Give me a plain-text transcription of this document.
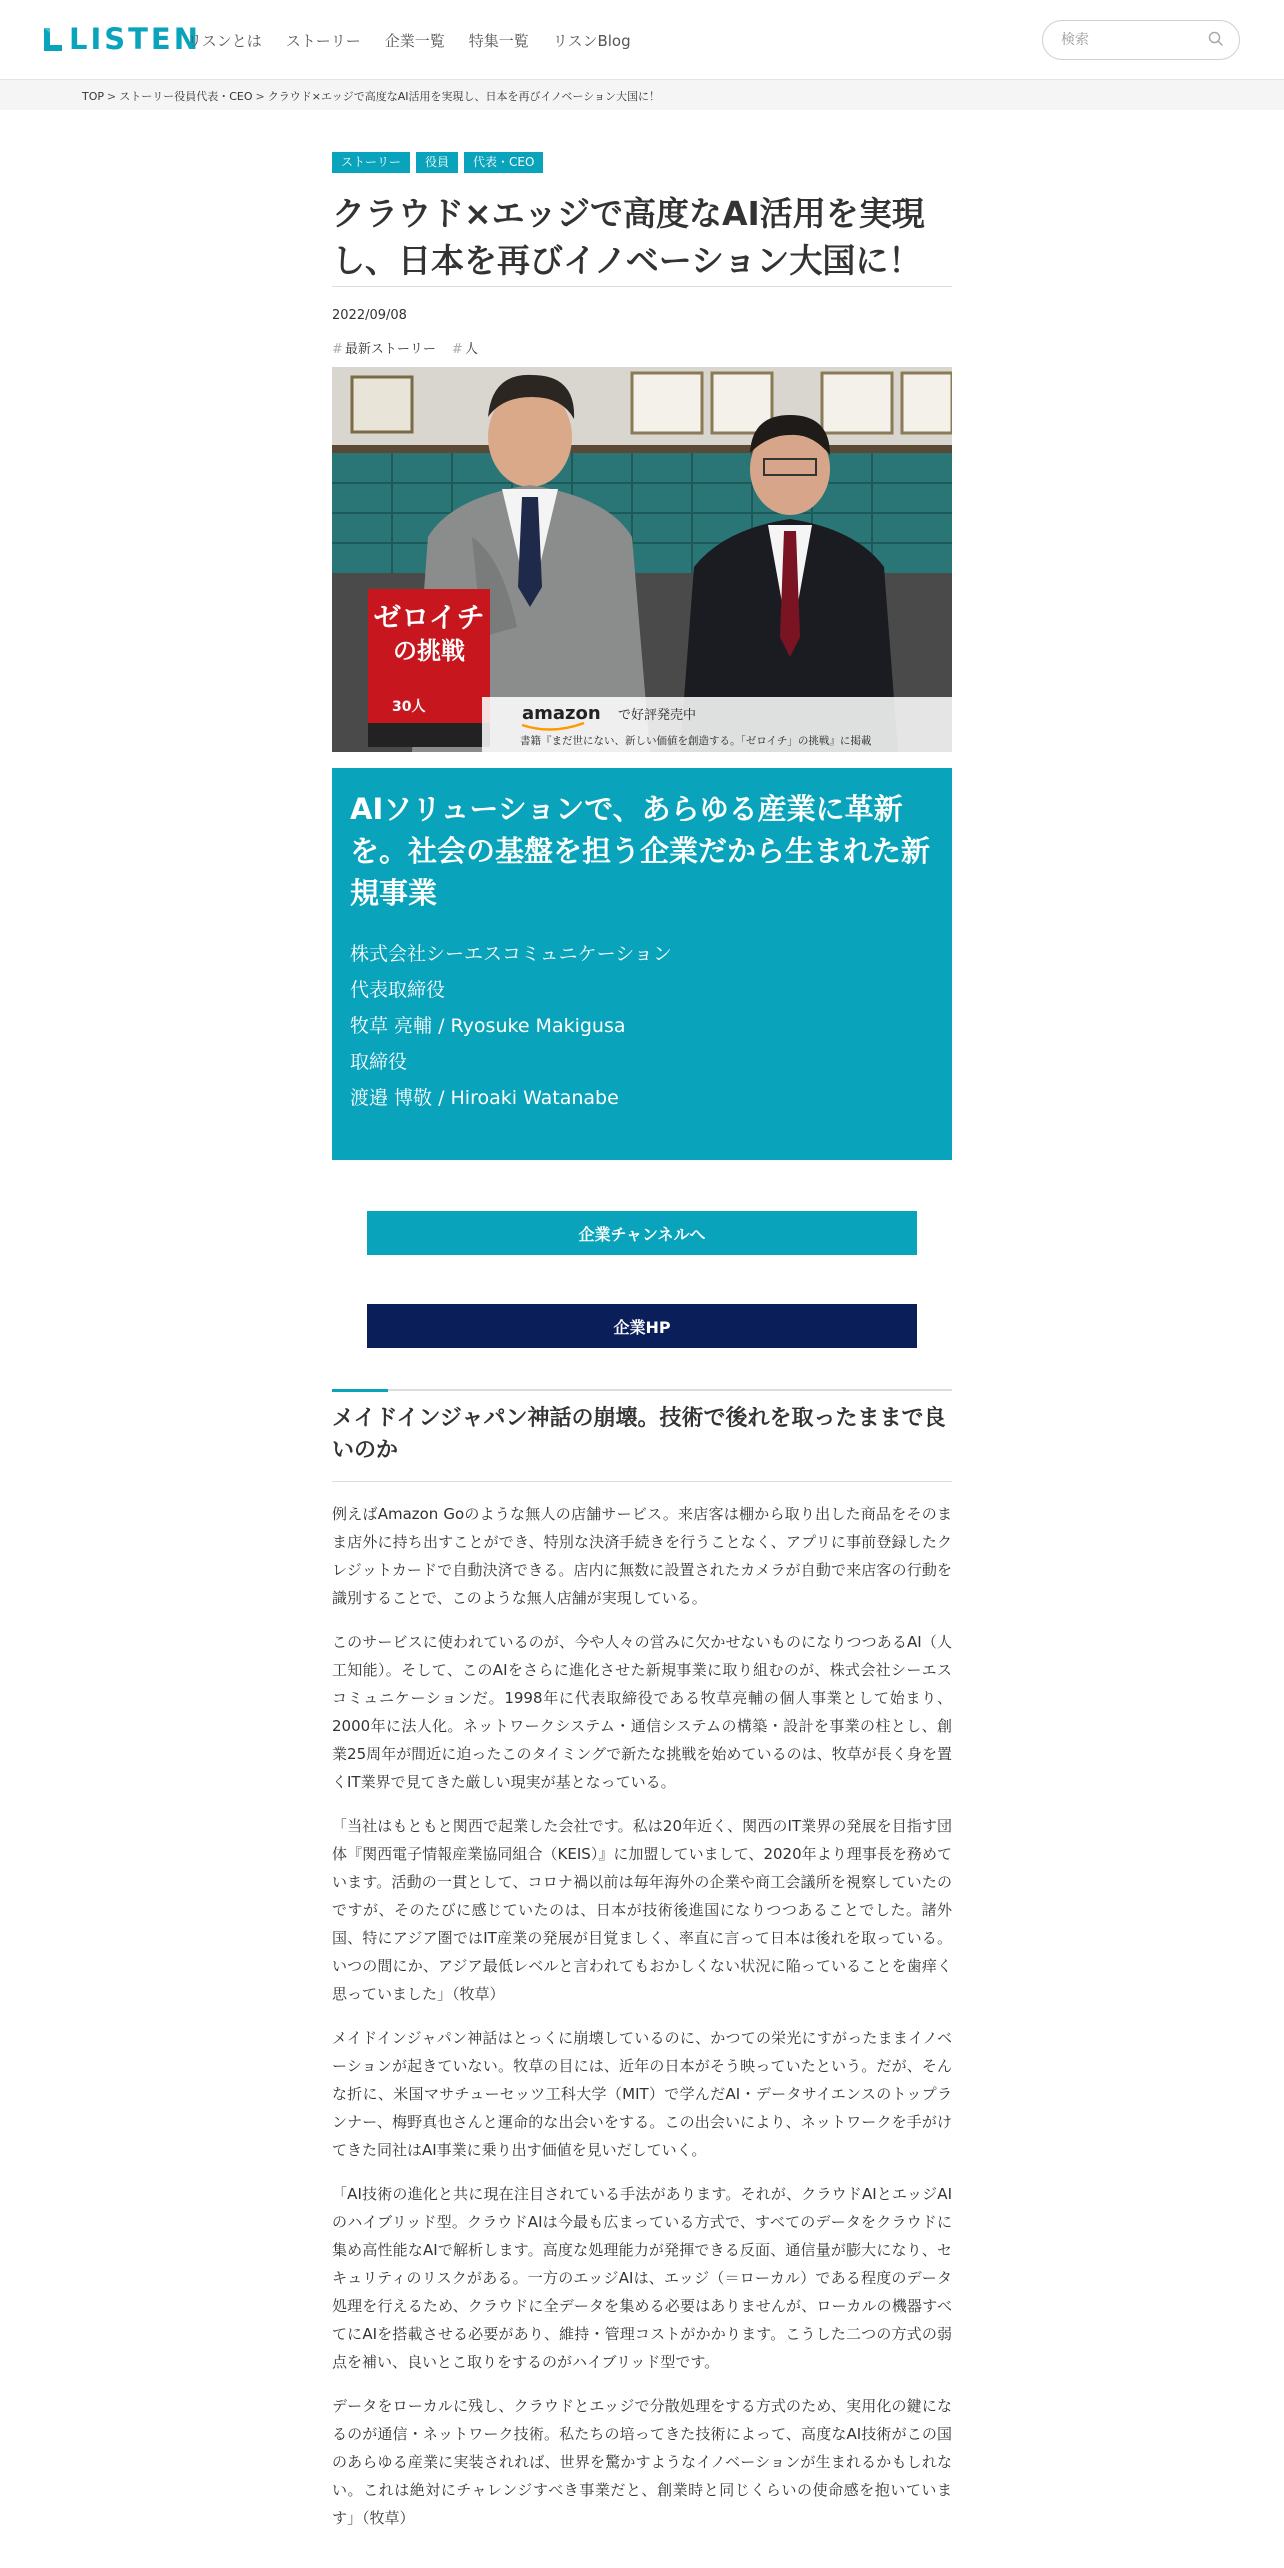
LISTEN
リスンとは ストーリー 企業一覧 特集一覧 リスンBlog
検索
TOP > ストーリー役員代表・CEO > クラウド×エッジで高度なAI活用を実現し、日本を再びイノベーション大国に！
ストーリー	役員	代表・CEO
クラウド×エッジで高度なAI活用を実現し、日本を再びイノベーション大国に！
2022/09/08
# 最新ストーリー # 人
ゼロイチ
の挑戦
30人	amazon で好評発売中
書籍『まだ世にない、新しい価値を創造する。「ゼロイチ」の挑戦』に掲載
AIソリューションで、あらゆる産業に革新を。社会の基盤を担う企業だから生まれた新規事業
株式会社シーエスコミュニケーション
代表取締役
牧草 亮輔 / Ryosuke Makigusa
取締役
渡邉 博敬 / Hiroaki Watanabe
企業チャンネルへ
企業HP
メイドインジャパン神話の崩壊。技術で後れを取ったままで良いのか

例えばAmazon Goのような無人の店舗サービス。来店客は棚から取り出した商品をそのまま店外に持ち出すことができ、特別な決済手続きを行うことなく、アプリに事前登録したクレジットカードで自動決済できる。店内に無数に設置されたカメラが自動で来店客の行動を識別することで、このような無人店舗が実現している。

このサービスに使われているのが、今や人々の営みに欠かせないものになりつつあるAI（人工知能）。そして、このAIをさらに進化させた新規事業に取り組むのが、株式会社シーエスコミュニケーションだ。1998年に代表取締役である牧草亮輔の個人事業として始まり、2000年に法人化。ネットワークシステム・通信システムの構築・設計を事業の柱とし、創業25周年が間近に迫ったこのタイミングで新たな挑戦を始めているのは、牧草が長く身を置くIT業界で見てきた厳しい現実が基となっている。

「当社はもともと関西で起業した会社です。私は20年近く、関西のIT業界の発展を目指す団体『関西電子情報産業協同組合（KEIS）』に加盟していまして、2020年より理事長を務めています。活動の一貫として、コロナ禍以前は毎年海外の企業や商工会議所を視察していたのですが、そのたびに感じていたのは、日本が技術後進国になりつつあることでした。諸外国、特にアジア圏ではIT産業の発展が目覚ましく、率直に言って日本は後れを取っている。いつの間にか、アジア最低レベルと言われてもおかしくない状況に陥っていることを歯痒く思っていました」（牧草）

メイドインジャパン神話はとっくに崩壊しているのに、かつての栄光にすがったままイノベーションが起きていない。牧草の目には、近年の日本がそう映っていたという。だが、そんな折に、米国マサチューセッツ工科大学（MIT）で学んだAI・データサイエンスのトップランナー、梅野真也さんと運命的な出会いをする。この出会いにより、ネットワークを手がけてきた同社はAI事業に乗り出す価値を見いだしていく。

「AI技術の進化と共に現在注目されている手法があります。それが、クラウドAIとエッジAIのハイブリッド型。クラウドAIは今最も広まっている方式で、すべてのデータをクラウドに集め高性能なAIで解析します。高度な処理能力が発揮できる反面、通信量が膨大になり、セキュリティのリスクがある。一方のエッジAIは、エッジ（＝ローカル）である程度のデータ処理を行えるため、クラウドに全データを集める必要はありませんが、ローカルの機器すべてにAIを搭載させる必要があり、維持・管理コストがかかります。こうした二つの方式の弱点を補い、良いとこ取りをするのがハイブリッド型です。

データをローカルに残し、クラウドとエッジで分散処理をする方式のため、実用化の鍵になるのが通信・ネットワーク技術。私たちの培ってきた技術によって、高度なAI技術がこの国のあらゆる産業に実装されれば、世界を驚かすようなイノベーションが生まれるかもしれない。これは絶対にチャレンジすべき事業だと、創業時と同じくらいの使命感を抱いています」（牧草）
